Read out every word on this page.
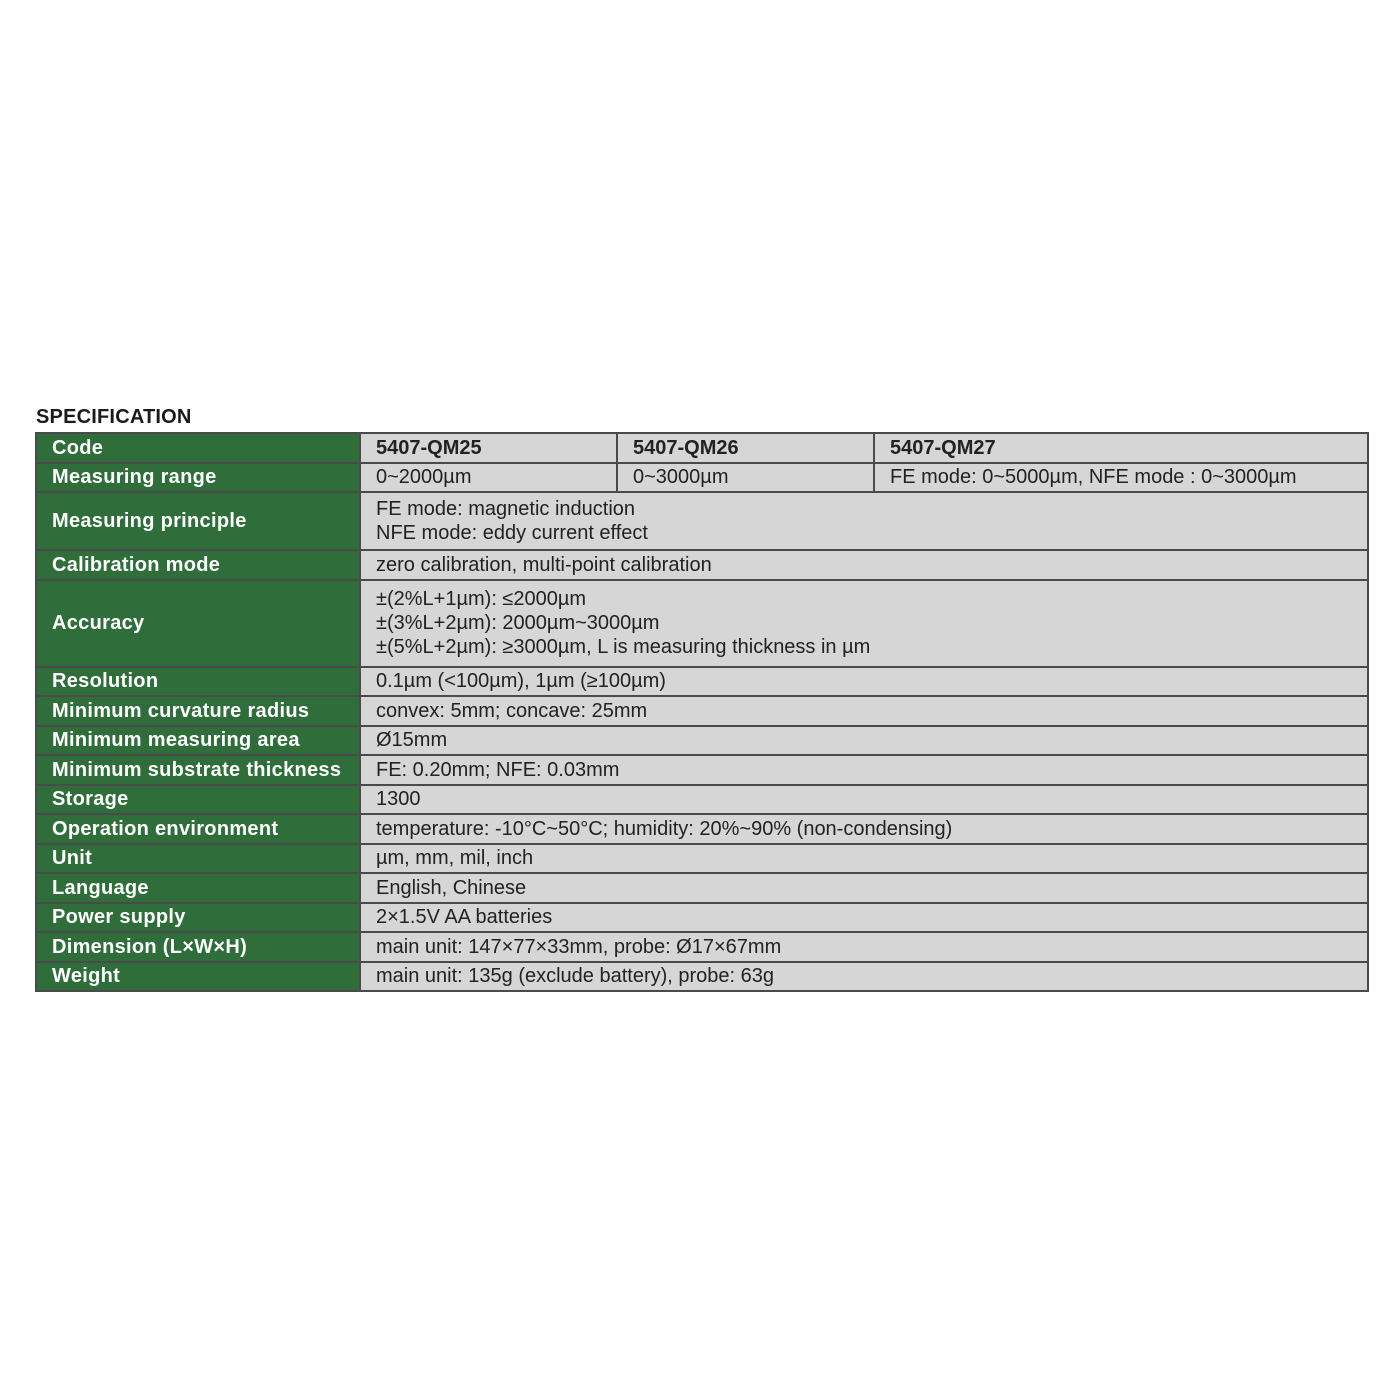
SPECIFICATION
Code	5407-QM25	5407-QM26	5407-QM27
Measuring range	0~2000µm	0~3000µm	FE mode: 0~5000µm, NFE mode : 0~3000µm
Measuring principle	FE mode: magnetic induction
NFE mode: eddy current effect		

Calibration mode	zero calibration, multi-point calibration		
Accuracy	±(2%L+1µm): ≤2000µm
±(3%L+2µm): 2000µm~3000µm
±(5%L+2µm): ≥3000µm, L is measuring thickness in µm		

Resolution	0.1µm (<100µm), 1µm (≥100µm)		
Minimum curvature radius	convex: 5mm; concave: 25mm		
Minimum measuring area	Ø15mm		
Minimum substrate thickness	FE: 0.20mm; NFE: 0.03mm		
Storage	1300		
Operation environment	temperature: -10°C~50°C; humidity: 20%~90% (non-condensing)		
Unit	µm, mm, mil, inch		
Language	English, Chinese		
Power supply	2×1.5V AA batteries		
Dimension (L×W×H)	main unit: 147×77×33mm, probe: Ø17×67mm		
Weight	main unit: 135g (exclude battery), probe: 63g		
